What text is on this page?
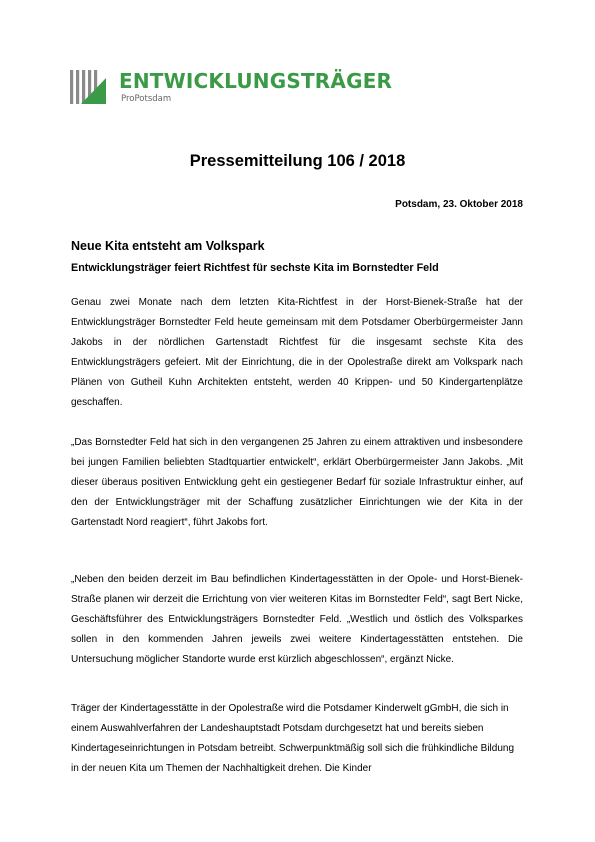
ENTWICKLUNGSTRÄGER
ProPotsdam
Pressemitteilung 106 / 2018
Potsdam, 23. Oktober 2018
Neue Kita entsteht am Volkspark
Entwicklungsträger feiert Richtfest für sechste Kita im Bornstedter Feld

Genau zwei Monate nach dem letzten Kita-Richtfest in der Horst-Bienek-Straße hat der Entwicklungsträger Bornstedter Feld heute gemeinsam mit dem Potsdamer Oberbürgermeister Jann Jakobs in der nördlichen Gartenstadt Richtfest für die insgesamt sechste Kita des Entwicklungsträgers gefeiert. Mit der Einrichtung, die in der Opolestraße direkt am Volkspark nach Plänen von Gutheil Kuhn Architekten entsteht, werden 40 Krippen- und 50 Kindergartenplätze geschaffen.

„Das Bornstedter Feld hat sich in den vergangenen 25 Jahren zu einem attraktiven und insbesondere bei jungen Familien beliebten Stadtquartier entwickelt“, erklärt Oberbürgermeister Jann Jakobs. „Mit dieser überaus positiven Entwicklung geht ein gestiegener Bedarf für soziale Infrastruktur einher, auf den der Entwicklungsträger mit der Schaffung zusätzlicher Einrichtungen wie der Kita in der Gartenstadt Nord reagiert“, führt Jakobs fort.

„Neben den beiden derzeit im Bau befindlichen Kindertagesstätten in der Opole- und Horst-Bienek-Straße planen wir derzeit die Errichtung von vier weiteren Kitas im Bornstedter Feld“, sagt Bert Nicke, Geschäftsführer des Entwicklungsträgers Bornstedter Feld. „Westlich und östlich des Volksparkes sollen in den kommenden Jahren jeweils zwei weitere Kindertagesstätten entstehen. Die Untersuchung möglicher Standorte wurde erst kürzlich abgeschlossen“, ergänzt Nicke.

Träger der Kindertagesstätte in der Opolestraße wird die Potsdamer Kinderwelt gGmbH, die sich in einem Auswahlverfahren der Landeshauptstadt Potsdam durchgesetzt hat und bereits sieben Kindertageseinrichtungen in Potsdam betreibt. Schwerpunktmäßig soll sich die frühkindliche Bildung in der neuen Kita um Themen der Nachhaltigkeit drehen. Die Kinder
